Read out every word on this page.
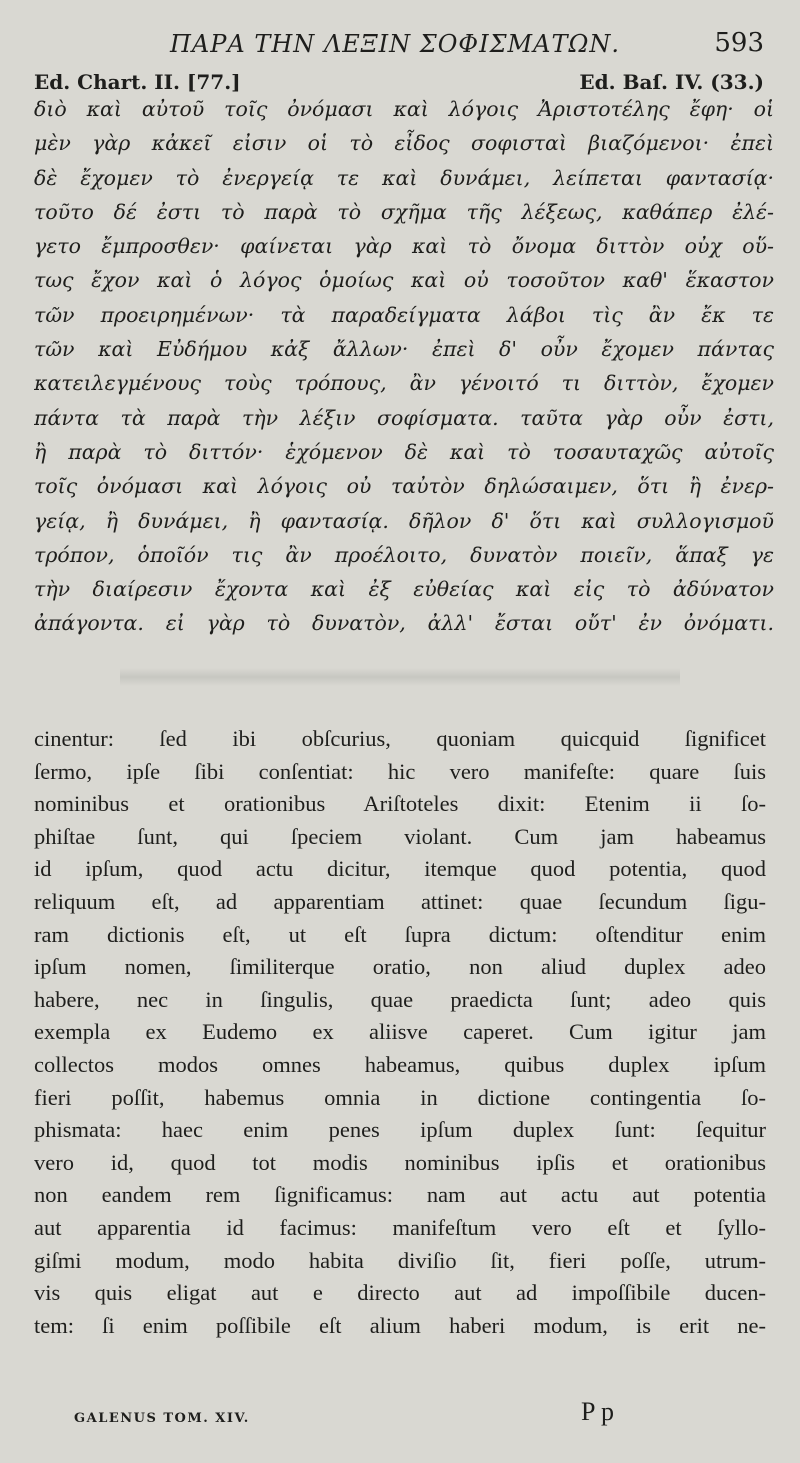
ΠΑΡΑ ΤΗΝ ΛΕΞΙΝ ΣΟΦΙΣΜΑΤΩΝ.	593
Ed. Chart. II. [77.]	Ed. Baſ. IV. (33.)
διὸ καὶ αὐτοῦ τοῖς ὀνόμασι καὶ λόγοις Ἀριστοτέλης ἔφη· οἱ
μὲν γὰρ κἀκεῖ εἰσιν οἱ τὸ εἶδος σοφισταὶ βιαζόμενοι· ἐπεὶ
δὲ ἔχομεν τὸ ἐνεργείᾳ τε καὶ δυνάμει, λείπεται φαντασίᾳ·
τοῦτο δέ ἐστι τὸ παρὰ τὸ σχῆμα τῆς λέξεως, καθάπερ ἐλέ-
γετο ἔμπροσθεν· φαίνεται γὰρ καὶ τὸ ὄνομα διττὸν οὐχ οὕ-
τως ἔχον καὶ ὁ λόγος ὁμοίως καὶ οὐ τοσοῦτον καθ' ἕκαστον
τῶν προειρημένων· τὰ παραδείγματα λάβοι τὶς ἂν ἔκ τε
τῶν καὶ Εὐδήμου κἀξ ἄλλων· ἐπεὶ δ' οὖν ἔχομεν πάντας
κατειλεγμένους τοὺς τρόπους, ἂν γένοιτό τι διττὸν, ἔχομεν
πάντα τὰ παρὰ τὴν λέξιν σοφίσματα. ταῦτα γὰρ οὖν ἐστι,
ἢ παρὰ τὸ διττόν· ἑχόμενον δὲ καὶ τὸ τοσαυταχῶς αὐτοῖς
τοῖς ὀνόμασι καὶ λόγοις οὐ ταὐτὸν δηλώσαιμεν, ὅτι ἢ ἐνερ-
γείᾳ, ἢ δυνάμει, ἢ φαντασίᾳ. δῆλον δ' ὅτι καὶ συλλογισμοῦ
τρόπον, ὁποῖόν τις ἂν προέλοιτο, δυνατὸν ποιεῖν, ἅπαξ γε
τὴν διαίρεσιν ἔχοντα καὶ ἐξ εὐθείας καὶ εἰς τὸ ἀδύνατον
ἀπάγοντα. εἰ γὰρ τὸ δυνατὸν, ἀλλ' ἔσται οὔτ' ἐν ὀνόματι.
cinentur: ſed ibi obſcurius, quoniam quicquid ſignificet
ſermo, ipſe ſibi conſentiat: hic vero manifeſte: quare ſuis
nominibus et orationibus Ariſtoteles dixit: Etenim ii ſo-
phiſtae ſunt, qui ſpeciem violant. Cum jam habeamus
id ipſum, quod actu dicitur, itemque quod potentia, quod
reliquum eſt, ad apparentiam attinet: quae ſecundum ſigu-
ram dictionis eſt, ut eſt ſupra dictum: oſtenditur enim
ipſum nomen, ſimiliterque oratio, non aliud duplex adeo
habere, nec in ſingulis, quae praedicta ſunt; adeo quis
exempla ex Eudemo ex aliisve caperet. Cum igitur jam
collectos modos omnes habeamus, quibus duplex ipſum
fieri poſſit, habemus omnia in dictione contingentia ſo-
phismata: haec enim penes ipſum duplex ſunt: ſequitur
vero id, quod tot modis nominibus ipſis et orationibus
non eandem rem ſignificamus: nam aut actu aut potentia
aut apparentia id facimus: manifeſtum vero eſt et ſyllo-
giſmi modum, modo habita diviſio ſit, fieri poſſe, utrum-
vis quis eligat aut e directo aut ad impoſſibile ducen-
tem: ſi enim poſſibile eſt alium haberi modum, is erit ne-
GALENUS TOM. XIV.	P p
